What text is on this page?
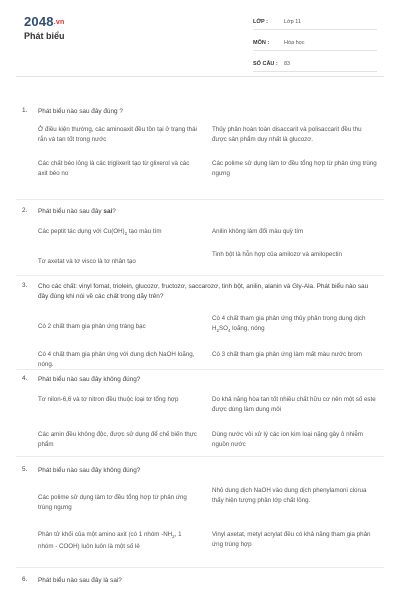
2048.vn
Phát biểu
LỚP :	Lớp 11
MÔN :	Hóa học
SỐ CÂU :	83
1. Phát biểu nào sau đây đúng ?
Ở điều kiện thường, các aminoaxit đều tồn tại ở trạng thái rắn và tan tốt trong nước
Thủy phân hoàn toàn disaccarit và polisaccarit đều thu được sản phẩm duy nhất là glucozơ.
Các chất béo lỏng là các triglixerit tạo từ glixerol và các axit béo no
Các polime sử dụng làm tơ đều tổng hợp từ phản ứng trùng ngưng
2. Phát biểu nào sau đây sai?
Các peptit tác dụng với $Cu(OH)_2$ tạo màu tím	Anilin không làm đổi màu quỳ tím
Tơ axetat và tơ visco là tơ nhân tạo
Tinh bột là hỗn hợp của amilozơ và amilopectin
3. Cho các chất: vinyl fomat, triolein, glucozơ, fructozơ, saccarozơ, tinh bột, anilin, alanin và Gly-Ala. Phát biểu nào sau đây đúng khi nói về các chất trong dãy trên?
Có 2 chất tham gia phản ứng tráng bạc
Có 4 chất tham gia phản ứng thủy phân trong dung dịch $H_2SO_4$ loãng, nóng
Có 4 chất tham gia phản ứng với dung dịch NaOH loãng, nóng.
Có 3 chất tham gia phản ứng làm mất màu nước brom
4. Phát biểu nào sau đây không đúng?
Tơ nilon-6,6 và tơ nitron đều thuộc loại tơ tổng hợp	Do khả năng hòa tan tốt nhiều chất hữu cơ nên một số este được dùng làm dung môi
Các amin đều không độc, được sử dụng để chế biến thực phẩm
Dùng nước vôi xử lý các ion kim loại nặng gây ô nhiễm nguồn nước
5. Phát biểu nào sau đây không đúng?
Các polime sử dụng làm tơ đều tổng hợp từ phản ứng trùng ngưng
Nhỏ dung dịch NaOH vào dung dịch phenylamoni clorua thấy hiện tượng phân lớp chất lỏng.
Phân tử khối của một amino axit (có 1 nhóm $-NH_2$, 1 nhóm - COOH) luôn luôn là một số lẻ
Vinyl axetat, metyl acrylat đều có khả năng tham gia phản ứng trùng hợp
6. Phát biểu nào sau đây là sai?
